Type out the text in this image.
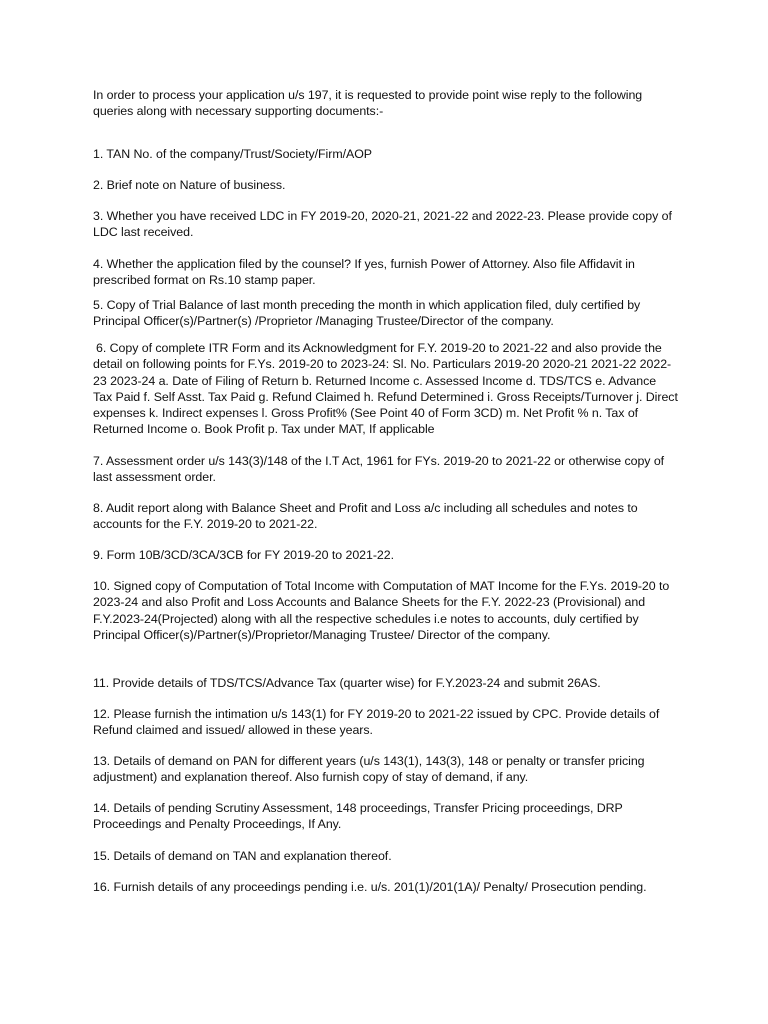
In order to process your application u/s 197, it is requested to provide point wise reply to the following queries along with necessary supporting documents:-

1. TAN No. of the company/Trust/Society/Firm/AOP

2. Brief note on Nature of business.

3. Whether you have received LDC in FY 2019-20, 2020-21, 2021-22 and 2022-23. Please provide copy of LDC last received.

4. Whether the application filed by the counsel? If yes, furnish Power of Attorney. Also file Affidavit in prescribed format on Rs.10 stamp paper.

5. Copy of Trial Balance of last month preceding the month in which application filed, duly certified by Principal Officer(s)/Partner(s) /Proprietor /Managing Trustee/Director of the company.

6. Copy of complete ITR Form and its Acknowledgment for F.Y. 2019-20 to 2021-22 and also provide the detail on following points for F.Ys. 2019-20 to 2023-24: Sl. No. Particulars 2019-20 2020-21 2021-22 2022-23 2023-24 a. Date of Filing of Return b. Returned Income c. Assessed Income d. TDS/TCS e. Advance Tax Paid f. Self Asst. Tax Paid g. Refund Claimed h. Refund Determined i. Gross Receipts/Turnover j. Direct expenses k. Indirect expenses l. Gross Profit% (See Point 40 of Form 3CD) m. Net Profit % n. Tax of Returned Income o. Book Profit p. Tax under MAT, If applicable

7. Assessment order u/s 143(3)/148 of the I.T Act, 1961 for FYs. 2019-20 to 2021-22 or otherwise copy of last assessment order.

8. Audit report along with Balance Sheet and Profit and Loss a/c including all schedules and notes to accounts for the F.Y. 2019-20 to 2021-22.

9. Form 10B/3CD/3CA/3CB for FY 2019-20 to 2021-22.

10. Signed copy of Computation of Total Income with Computation of MAT Income for the F.Ys. 2019-20 to 2023-24 and also Profit and Loss Accounts and Balance Sheets for the F.Y. 2022-23 (Provisional) and F.Y.2023-24(Projected) along with all the respective schedules i.e notes to accounts, duly certified by Principal Officer(s)/Partner(s)/Proprietor/Managing Trustee/ Director of the company.

11. Provide details of TDS/TCS/Advance Tax (quarter wise) for F.Y.2023-24 and submit 26AS.

12. Please furnish the intimation u/s 143(1) for FY 2019-20 to 2021-22 issued by CPC. Provide details of Refund claimed and issued/ allowed in these years.

13. Details of demand on PAN for different years (u/s 143(1), 143(3), 148 or penalty or transfer pricing adjustment) and explanation thereof. Also furnish copy of stay of demand, if any.

14. Details of pending Scrutiny Assessment, 148 proceedings, Transfer Pricing proceedings, DRP Proceedings and Penalty Proceedings, If Any.

15. Details of demand on TAN and explanation thereof.

16. Furnish details of any proceedings pending i.e. u/s. 201(1)/201(1A)/ Penalty/ Prosecution pending.
